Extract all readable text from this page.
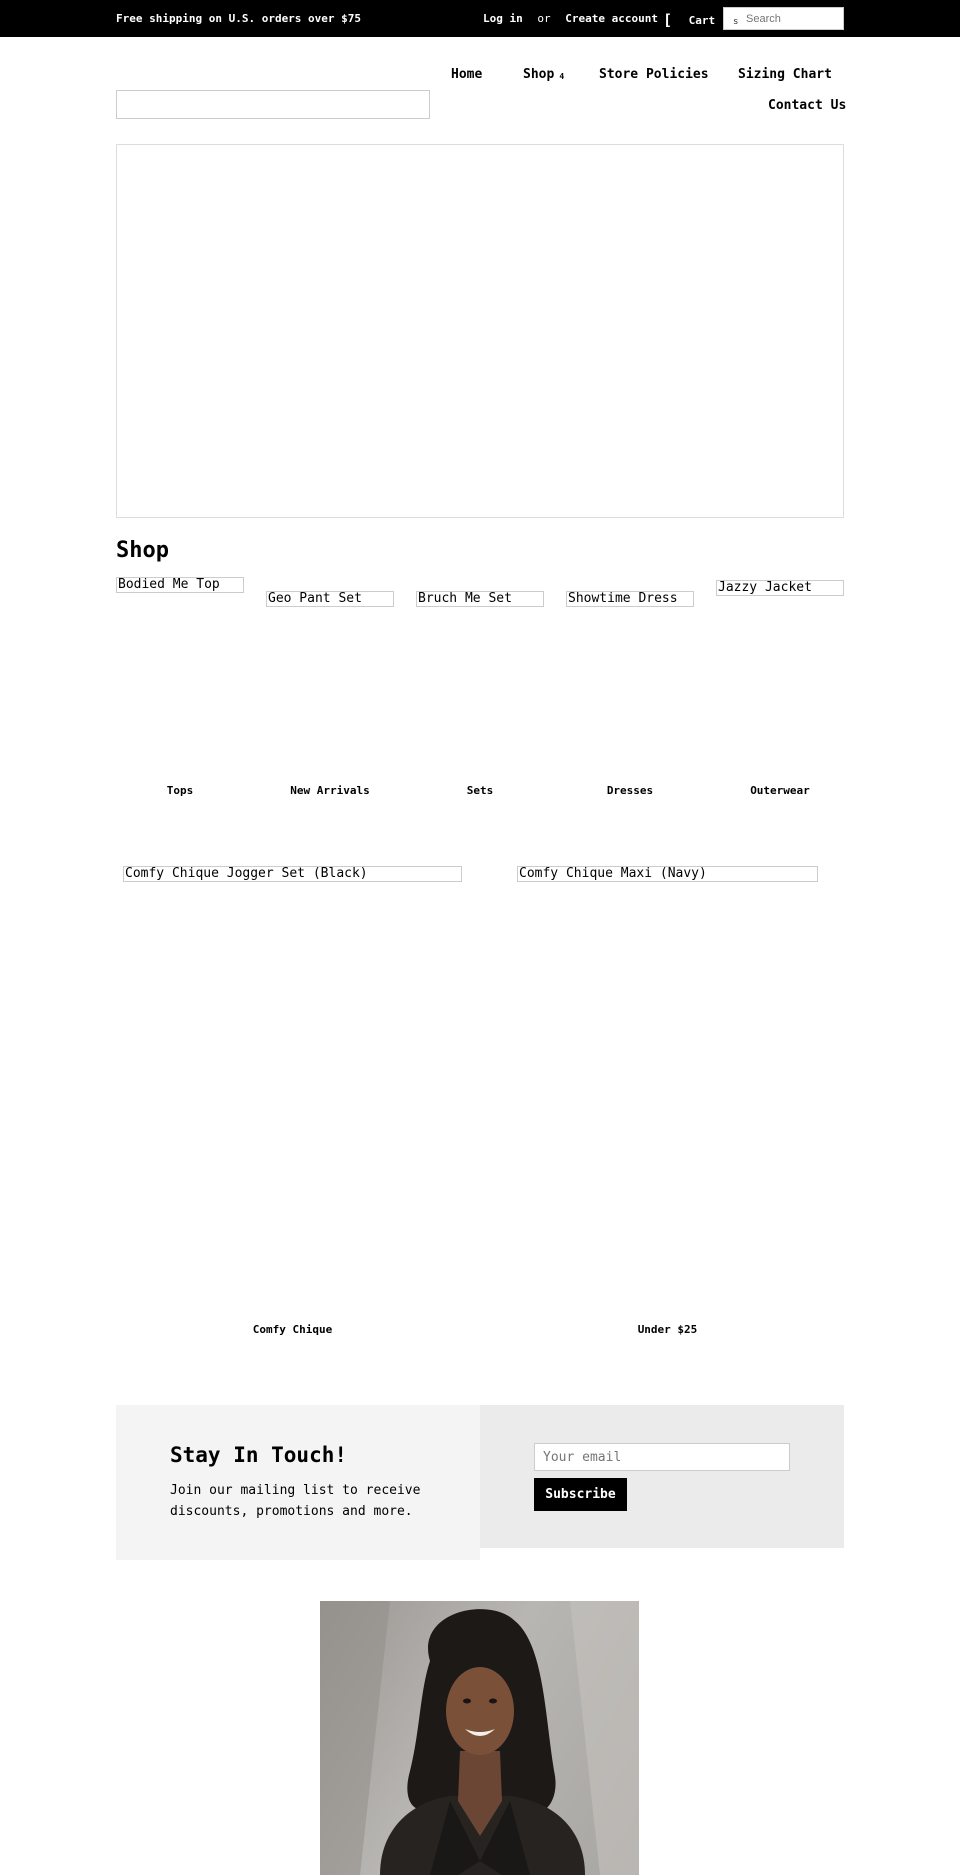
Free shipping on U.S. orders over $75	Log in or Create account [ Cart s
Search
Home	Shop 4	Store Policies Sizing Chart
Contact Us
Shop
Bodied Me Top
Geo Pant Set	Bruch Me Set	Showtime Dress
Jazzy Jacket
Tops	New Arrivals	Sets	Dresses	Outerwear
Comfy Chique Jogger Set (Black)	Comfy Chique Maxi (Navy)
Comfy Chique	Under $25
Stay In Touch!
Join our mailing list to receive discounts, promotions and more.
Your email
Subscribe
